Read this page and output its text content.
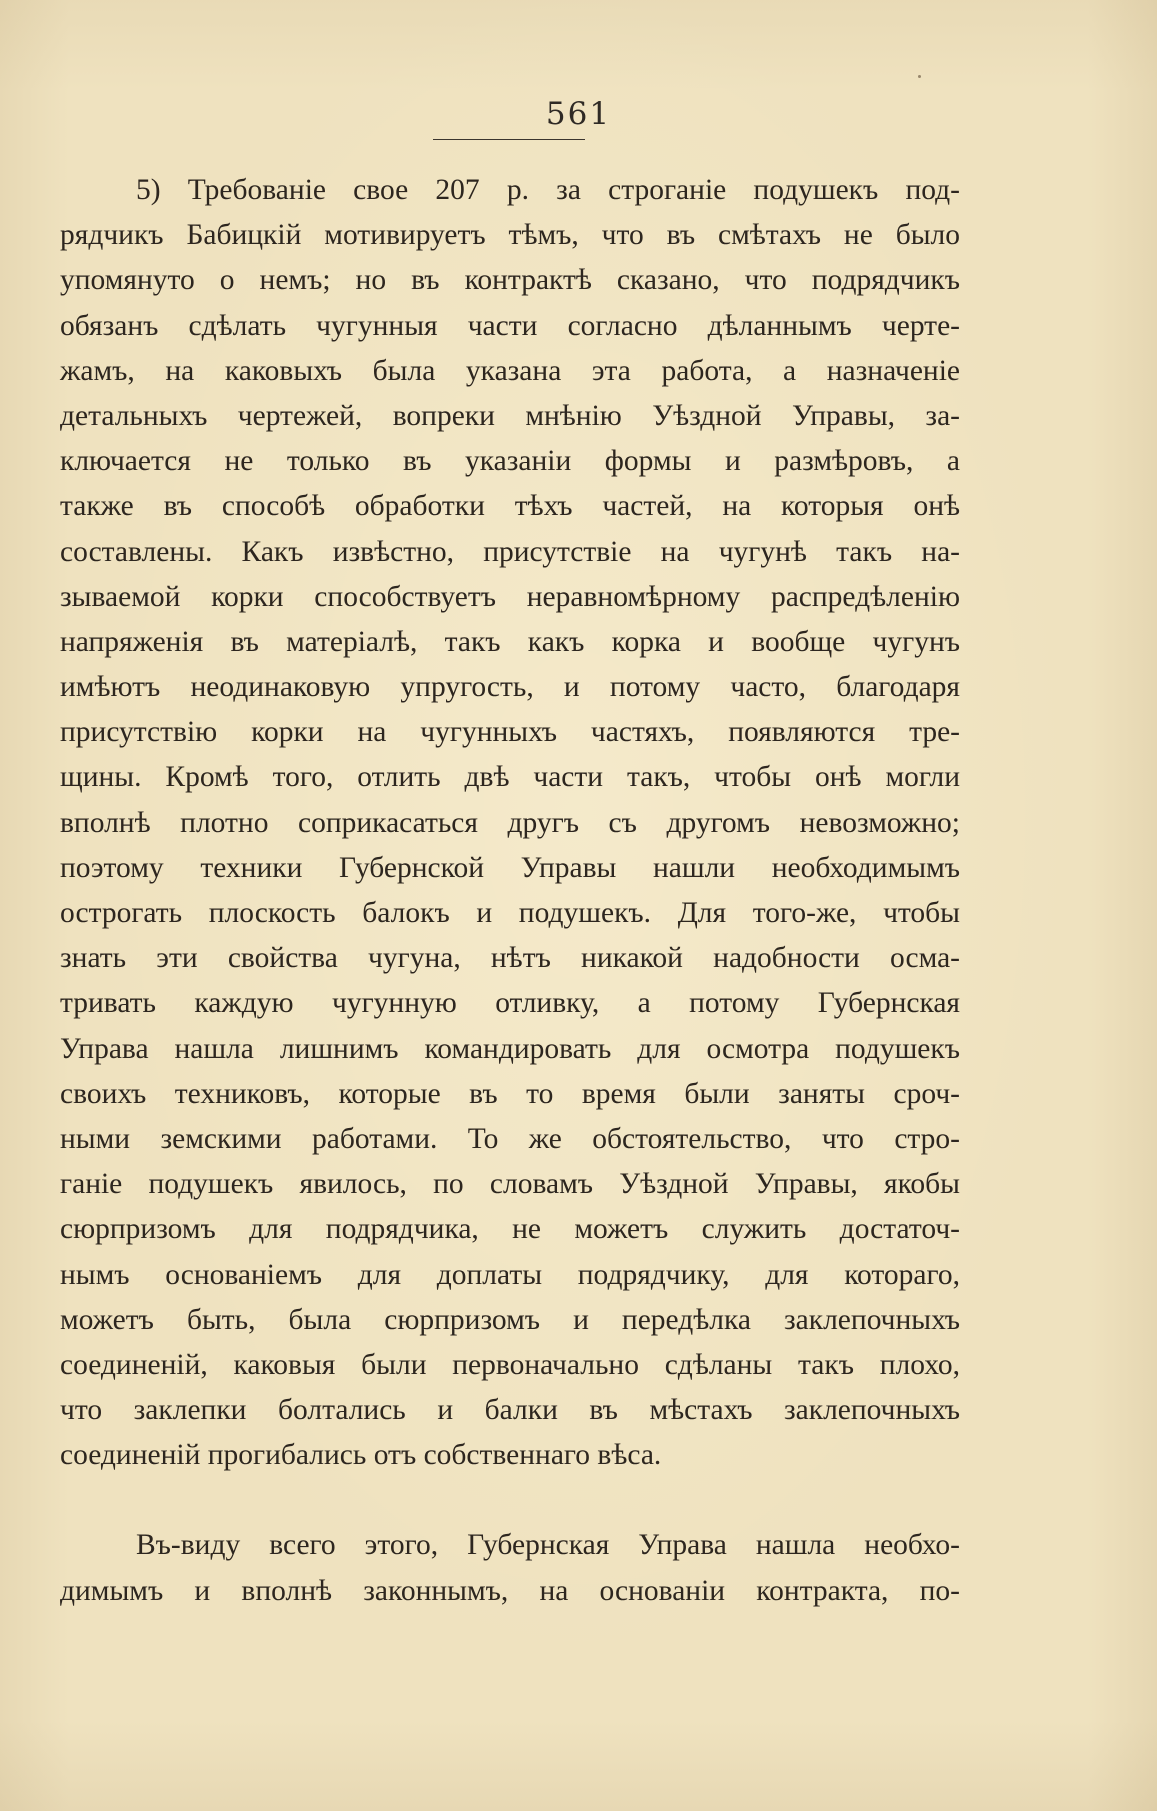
561
5) Требованіе свое 207 р. за строганіе подушекъ под-
рядчикъ Бабицкій мотивируетъ тѣмъ, что въ смѣтахъ не было
упомянуто о немъ; но въ контрактѣ сказано, что подрядчикъ
обязанъ сдѣлать чугунныя части согласно дѣланнымъ черте-
жамъ, на каковыхъ была указана эта работа, а назначеніе
детальныхъ чертежей, вопреки мнѣнію Уѣздной Управы, за-
ключается не только въ указаніи формы и размѣровъ, а
также въ способѣ обработки тѣхъ частей, на которыя онѣ
составлены. Какъ извѣстно, присутствіе на чугунѣ такъ на-
зываемой корки способствуетъ неравномѣрному распредѣленію
напряженія въ матеріалѣ, такъ какъ корка и вообще чугунъ
имѣютъ неодинаковую упругость, и потому часто, благодаря
присутствію корки на чугунныхъ частяхъ, появляются тре-
щины. Кромѣ того, отлить двѣ части такъ, чтобы онѣ могли
вполнѣ плотно соприкасаться другъ съ другомъ невозможно;
поэтому техники Губернской Управы нашли необходимымъ
острогать плоскость балокъ и подушекъ. Для того-же, чтобы
знать эти свойства чугуна, нѣтъ никакой надобности осма-
тривать каждую чугунную отливку, а потому Губернская
Управа нашла лишнимъ командировать для осмотра подушекъ
своихъ техниковъ, которые въ то время были заняты сроч-
ными земскими работами. То же обстоятельство, что стро-
ганіе подушекъ явилось, по словамъ Уѣздной Управы, якобы
сюрпризомъ для подрядчика, не можетъ служить достаточ-
нымъ основаніемъ для доплаты подрядчику, для котораго,
можетъ быть, была сюрпризомъ и передѣлка заклепочныхъ
соединеній, каковыя были первоначально сдѣланы такъ плохо,
что заклепки болтались и балки въ мѣстахъ заклепочныхъ
соединеній прогибались отъ собственнаго вѣса.
Въ-виду всего этого, Губернская Управа нашла необхо-
димымъ и вполнѣ законнымъ, на основаніи контракта, по-
